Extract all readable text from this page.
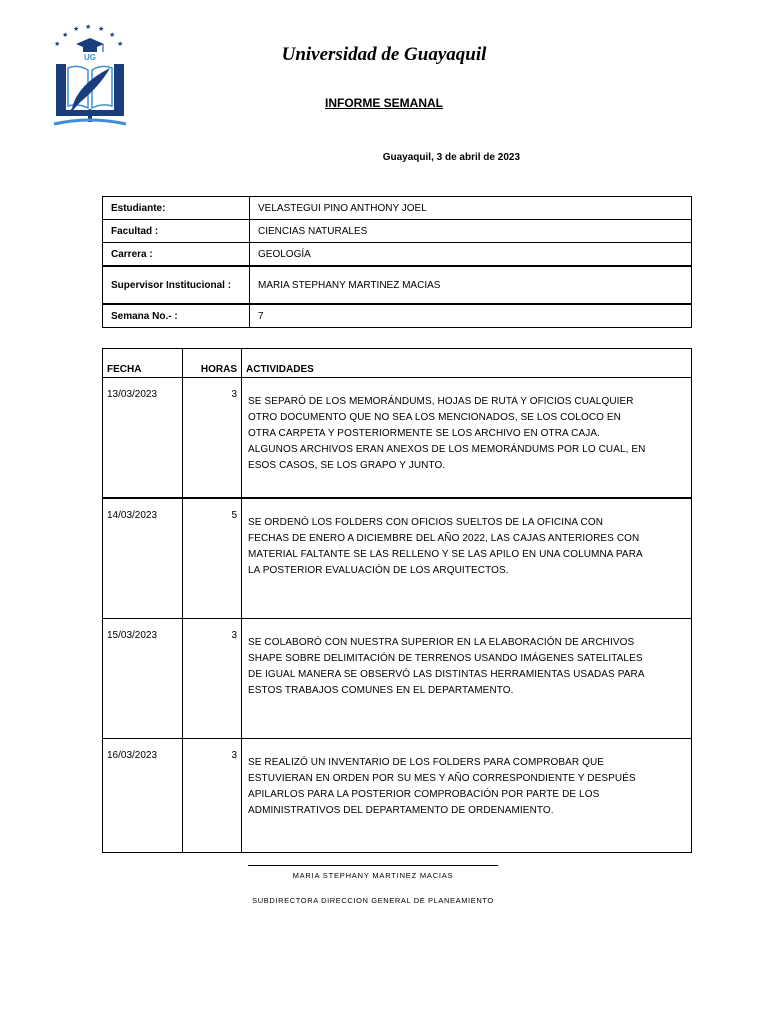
★
★
★ ★ ★
★
★
UG	Universidad de Guayaquil
INFORME SEMANAL
Guayaquil, 3 de abril de 2023
Estudiante:	VELASTEGUI PINO ANTHONY JOEL
Facultad :	CIENCIAS NATURALES
Carrera :	GEOLOGÍA
Supervisor Institucional :	MARIA STEPHANY MARTINEZ MACIAS
Semana No.- :	7
FECHA	HORAS	ACTIVIDADES
13/03/2023	3	SE SEPARÓ DE LOS MEMORÁNDUMS, HOJAS DE RUTA Y OFICIOS CUALQUIER OTRO DOCUMENTO QUE NO SEA LOS MENCIONADOS, SE LOS COLOCO EN OTRA CARPETA Y POSTERIORMENTE SE LOS ARCHIVO EN OTRA CAJA. ALGUNOS ARCHIVOS ERAN ANEXOS DE LOS MEMORÁNDUMS POR LO CUAL, EN ESOS CASOS, SE LOS GRAPO Y JUNTO.
14/03/2023	5	SE ORDENÓ LOS FOLDERS CON OFICIOS SUELTOS DE LA OFICINA CON FECHAS DE ENERO A DICIEMBRE DEL AÑO 2022, LAS CAJAS ANTERIORES CON MATERIAL FALTANTE SE LAS RELLENO Y SE LAS APILO EN UNA COLUMNA PARA LA POSTERIOR EVALUACIÓN DE LOS ARQUITECTOS.
15/03/2023	3	SE COLABORÓ CON NUESTRA SUPERIOR EN LA ELABORACIÓN DE ARCHIVOS SHAPE SOBRE DELIMITACIÓN DE TERRENOS USANDO IMÁGENES SATELITALES DE IGUAL MANERA SE OBSERVÓ LAS DISTINTAS HERRAMIENTAS USADAS PARA ESTOS TRABAJOS COMUNES EN EL DEPARTAMENTO.
16/03/2023	3	SE REALIZÓ UN INVENTARIO DE LOS FOLDERS PARA COMPROBAR QUE ESTUVIERAN EN ORDEN POR SU MES Y AÑO CORRESPONDIENTE Y DESPUÉS APILARLOS PARA LA POSTERIOR COMPROBACIÓN POR PARTE DE LOS ADMINISTRATIVOS DEL DEPARTAMENTO DE ORDENAMIENTO.
MARIA STEPHANY MARTINEZ MACIAS
SUBDIRECTORA DIRECCION GENERAL DE PLANEAMIENTO
